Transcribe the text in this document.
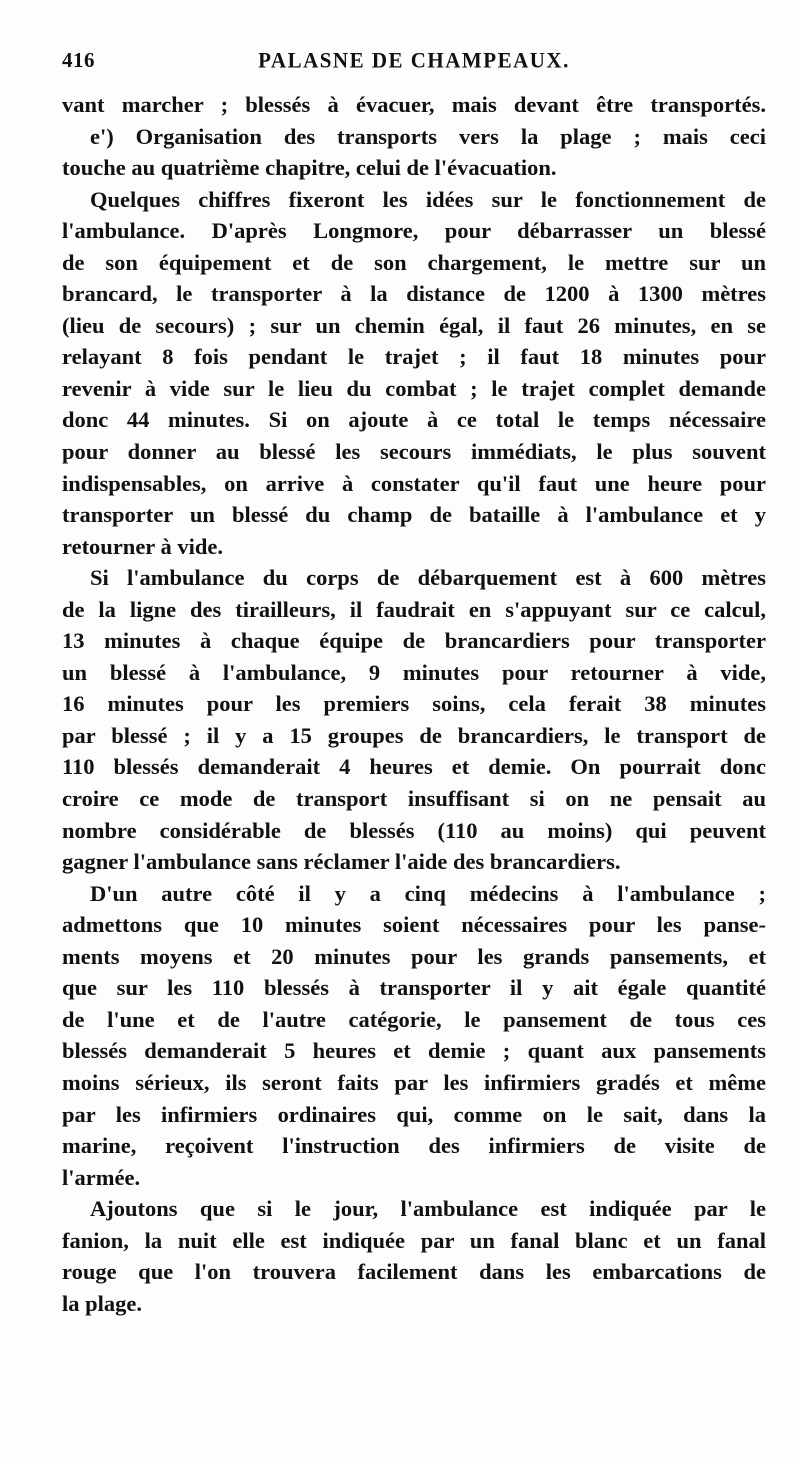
416	PALASNE DE CHAMPEAUX.
vant marcher ; blessés à évacuer, mais devant être transportés.
e') Organisation des transports vers la plage ; mais ceci
touche au quatrième chapitre, celui de l'évacuation.
Quelques chiffres fixeront les idées sur le fonctionnement de
l'ambulance. D'après Longmore, pour débarrasser un blessé
de son équipement et de son chargement, le mettre sur un
brancard, le transporter à la distance de 1200 à 1300 mètres
(lieu de secours) ; sur un chemin égal, il faut 26 minutes, en se
relayant 8 fois pendant le trajet ; il faut 18 minutes pour
revenir à vide sur le lieu du combat ; le trajet complet demande
donc 44 minutes. Si on ajoute à ce total le temps nécessaire
pour donner au blessé les secours immédiats, le plus souvent
indispensables, on arrive à constater qu'il faut une heure pour
transporter un blessé du champ de bataille à l'ambulance et y
retourner à vide.
Si l'ambulance du corps de débarquement est à 600 mètres
de la ligne des tirailleurs, il faudrait en s'appuyant sur ce calcul,
13 minutes à chaque équipe de brancardiers pour transporter
un blessé à l'ambulance, 9 minutes pour retourner à vide,
16 minutes pour les premiers soins, cela ferait 38 minutes
par blessé ; il y a 15 groupes de brancardiers, le transport de
110 blessés demanderait 4 heures et demie. On pourrait donc
croire ce mode de transport insuffisant si on ne pensait au
nombre considérable de blessés (110 au moins) qui peuvent
gagner l'ambulance sans réclamer l'aide des brancardiers.
D'un autre côté il y a cinq médecins à l'ambulance ;
admettons que 10 minutes soient nécessaires pour les panse-
ments moyens et 20 minutes pour les grands pansements, et
que sur les 110 blessés à transporter il y ait égale quantité
de l'une et de l'autre catégorie, le pansement de tous ces
blessés demanderait 5 heures et demie ; quant aux pansements
moins sérieux, ils seront faits par les infirmiers gradés et même
par les infirmiers ordinaires qui, comme on le sait, dans la
marine, reçoivent l'instruction des infirmiers de visite de
l'armée.
Ajoutons que si le jour, l'ambulance est indiquée par le
fanion, la nuit elle est indiquée par un fanal blanc et un fanal
rouge que l'on trouvera facilement dans les embarcations de
la plage.
